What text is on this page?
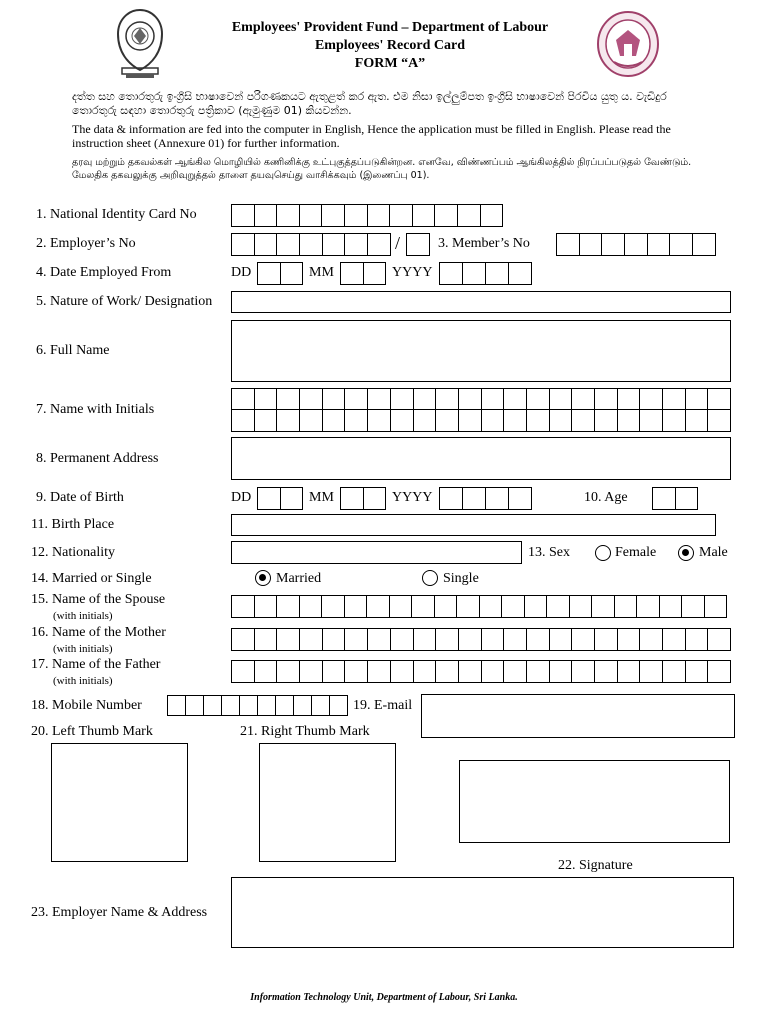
Employees' Provident Fund – Department of Labour
Employees' Record Card
FORM “A”
දත්ත සහ තොරතුරු ඉංග්‍රීසි භාෂාවෙන් පරිගණකයට ඇතුළත් කර ඇත. එම නිසා ඉල්ලුම්පත ඉංග්‍රීසි භාෂාවෙන් පිරවිය යුතු ය. වැඩිදුර තොරතුරු සඳහා තොරතුරු පත්‍රිකාව (ඇමුණුම 01) කියවන්න.
The data & information are fed into the computer in English, Hence the application must be filled in English. Please read the instruction sheet (Annexure 01) for further information.
தரவு மற்றும் தகவல்கள் ஆங்கில மொழியில் கணினிக்கு உட்புகுத்தப்படுகின்றன. எனவே, விண்ணப்பம் ஆங்கிலத்தில் நிரப்பப்படுதல் வேண்டும். மேலதிக தகவலுக்கு அறிவுறுத்தல் தாளை தயவுசெய்து வாசிக்கவும் (இணைப்பு 01).
1. National Identity Card No
2. Employer’s No	/	3. Member’s No
4. Date Employed From	DD	MM	YYYY
5. Nature of Work/ Designation
6. Full Name
7. Name with Initials
8. Permanent Address
9. Date of Birth	DD	MM	YYYY	10. Age
11. Birth Place
12. Nationality	13. Sex	Female	Male
14. Married or Single	Married	Single
15. Name of the Spouse
(with initials)
16. Name of the Mother
(with initials)
17. Name of the Father
(with initials)
18. Mobile Number	19. E-mail
20. Left Thumb Mark	21. Right Thumb Mark
22. Signature
23. Employer Name & Address
Information Technology Unit, Department of Labour, Sri Lanka.
